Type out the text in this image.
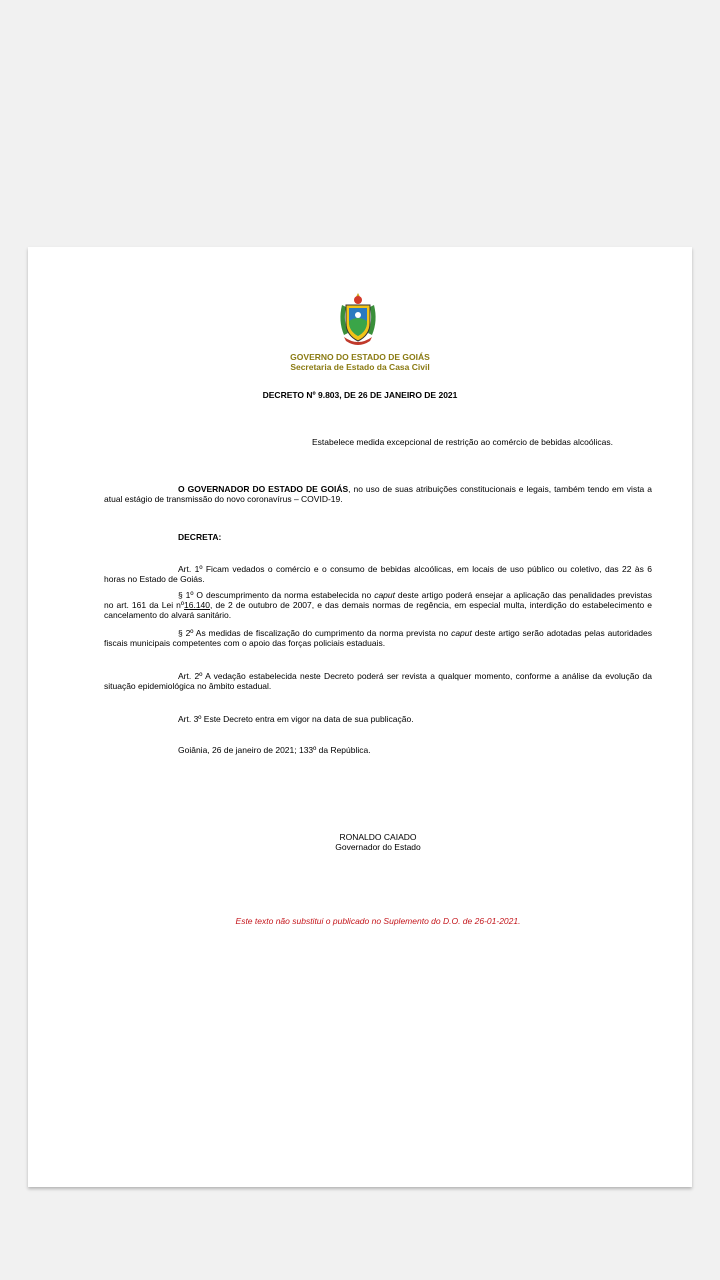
GOVERNO DO ESTADO DE GOIÁS
Secretaria de Estado da Casa Civil
DECRETO Nº 9.803, DE 26 DE JANEIRO DE 2021
Estabelece medida excepcional de restrição ao comércio de bebidas alcoólicas.
O GOVERNADOR DO ESTADO DE GOIÁS, no uso de suas atribuições constitucionais e legais, também tendo em vista a atual estágio de transmissão do novo coronavírus – COVID-19.
DECRETA:
Art. 1º Ficam vedados o comércio e o consumo de bebidas alcoólicas, em locais de uso público ou coletivo, das 22 às 6 horas no Estado de Goiás.
§ 1º O descumprimento da norma estabelecida no caput deste artigo poderá ensejar a aplicação das penalidades previstas no art. 161 da Lei nº16.140, de 2 de outubro de 2007, e das demais normas de regência, em especial multa, interdição do estabelecimento e cancelamento do alvará sanitário.
§ 2º As medidas de fiscalização do cumprimento da norma prevista no caput deste artigo serão adotadas pelas autoridades fiscais municipais competentes com o apoio das forças policiais estaduais.
Art. 2º A vedação estabelecida neste Decreto poderá ser revista a qualquer momento, conforme a análise da evolução da situação epidemiológica no âmbito estadual.
Art. 3º Este Decreto entra em vigor na data de sua publicação.
Goiânia, 26 de janeiro de 2021; 133º da República.
RONALDO CAIADO
Governador do Estado
Este texto não substitui o publicado no Suplemento do D.O. de 26-01-2021.
